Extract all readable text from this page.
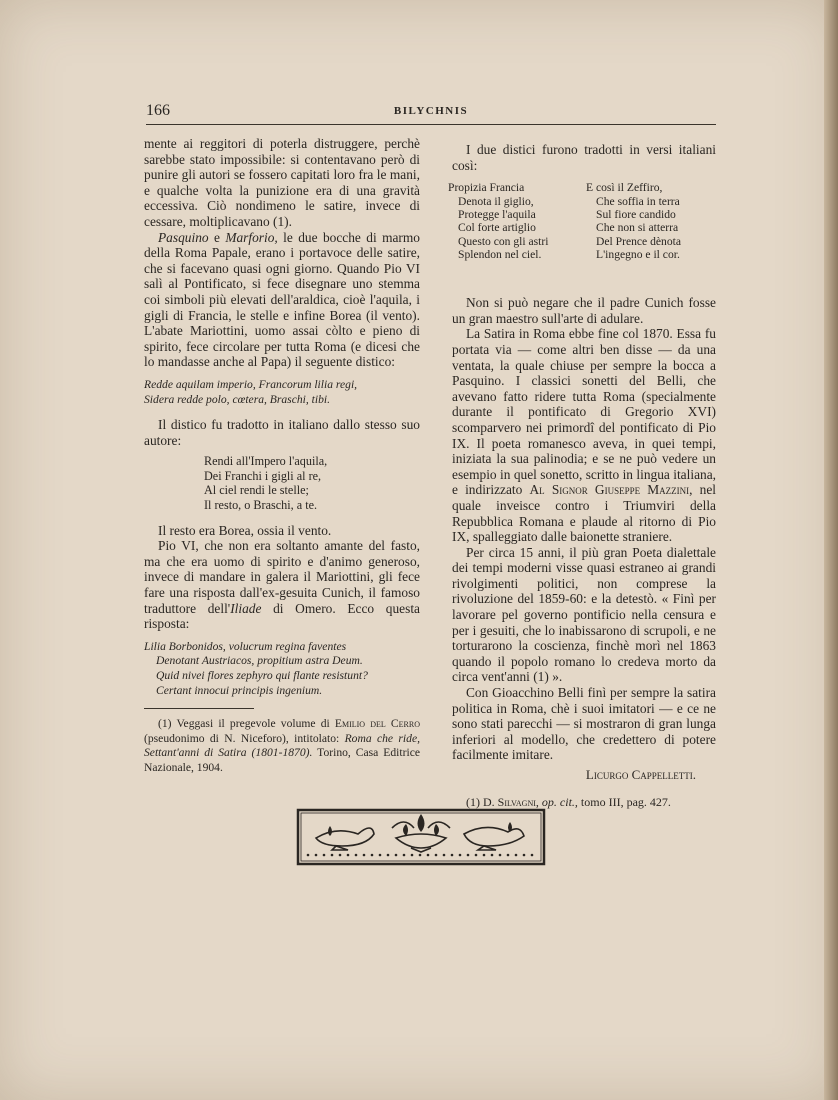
166	BILYCHNIS

mente ai reggitori di poterla distruggere, perchè sarebbe stato impossibile: si contentavano però di punire gli autori se fossero capitati loro fra le mani, e qualche volta la punizione era di una gravità eccessiva. Ciò nondimeno le satire, invece di cessare, moltiplicavano (1).

Pasquino e Marforio, le due bocche di marmo della Roma Papale, erano i portavoce delle satire, che si facevano quasi ogni giorno. Quando Pio VI salì al Pontificato, si fece disegnare uno stemma coi simboli più elevati dell'araldica, cioè l'aquila, i gigli di Francia, le stelle e infine Borea (il vento). L'abate Mariottini, uomo assai còlto e pieno di spirito, fece circolare per tutta Roma (e dicesi che lo mandasse anche al Papa) il seguente distico:

Redde aquilam imperio, Francorum lilia regi,
Sidera redde polo, cœtera, Braschi, tibi.

Il distico fu tradotto in italiano dallo stesso suo autore:

Rendi all'Impero l'aquila,
Dei Franchi i gigli al re,
Al ciel rendi le stelle;
Il resto, o Braschi, a te.

Il resto era Borea, ossia il vento.

Pio VI, che non era soltanto amante del fasto, ma che era uomo di spirito e d'animo generoso, invece di mandare in galera il Mariottini, gli fece fare una risposta dall'ex-gesuita Cunich, il famoso traduttore dell'Iliade di Omero. Ecco questa risposta:

Lilia Borbonidos, volucrum regina faventes
Denotant Austriacos, propitium astra Deum.
Quid nivei flores zephyro qui flante resistunt?
Certant innocui principis ingenium.

(1) Veggasi il pregevole volume di Emilio del Cerro (pseudonimo di N. Niceforo), intitolato: Roma che ride, Settant'anni di Satira (1801-1870). Torino, Casa Editrice Nazionale, 1904.

I due distici furono tradotti in versi italiani così:

Propizia Francia
Denota il giglio,
Protegge l'aquila
Col forte artiglio
Questo con gli astri
Splendon nel ciel.
E così il Zeffiro,
Che soffia in terra
Sul fiore candido
Che non si atterra
Del Prence dènota
L'ingegno e il cor.

Non si può negare che il padre Cunich fosse un gran maestro sull'arte di adulare.

La Satira in Roma ebbe fine col 1870. Essa fu portata via — come altri ben disse — da una ventata, la quale chiuse per sempre la bocca a Pasquino. I classici sonetti del Belli, che avevano fatto ridere tutta Roma (specialmente durante il pontificato di Gregorio XVI) scomparvero nei primordî del pontificato di Pio IX. Il poeta romanesco aveva, in quei tempi, iniziata la sua palinodia; e se ne può vedere un esempio in quel sonetto, scritto in lingua italiana, e indirizzato Al Signor Giuseppe Mazzini, nel quale inveisce contro i Triumviri della Repubblica Romana e plaude al ritorno di Pio IX, spalleggiato dalle baionette straniere.

Per circa 15 anni, il più gran Poeta dialettale dei tempi moderni visse quasi estraneo ai grandi rivolgimenti politici, non comprese la rivoluzione del 1859-60: e la detestò. « Finì per lavorare pel governo pontificio nella censura e per i gesuiti, che lo inabissarono di scrupoli, e ne torturarono la coscienza, finchè morì nel 1863 quando il popolo romano lo credeva morto da circa vent'anni (1) ».

Con Gioacchino Belli finì per sempre la satira politica in Roma, chè i suoi imitatori — e ce ne sono stati parecchi — si mostraron di gran lunga inferiori al modello, che credettero di potere facilmente imitare.

Licurgo Cappelletti.

(1) D. Silvagni, op. cit., tomo III, pag. 427.
